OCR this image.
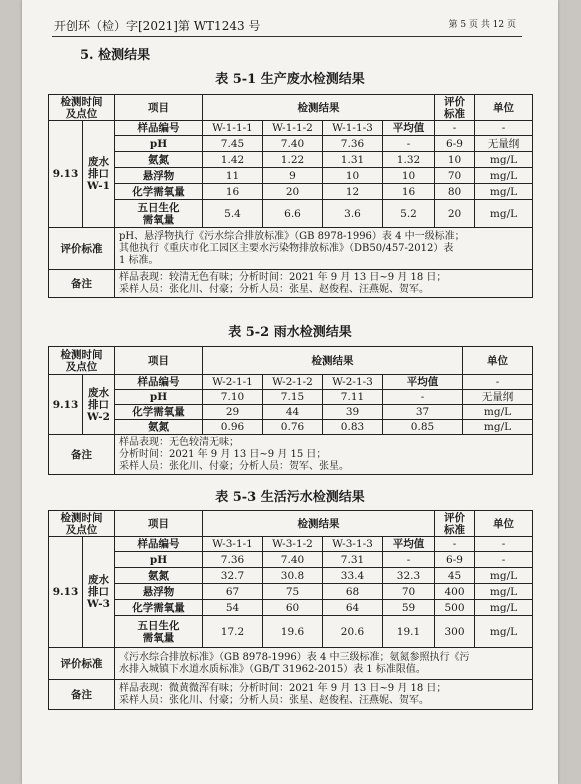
开创环（检）字[2021]第 WT1243 号	第 5 页 共 12 页
5. 检测结果
表 5-1 生产废水检测结果
检测时间
及点位		项目	检测结果				评价
标准	单位
9.13	废水
排口
W-1	样品编号	W-1-1-1	W-1-1-2	W-1-1-3	平均值	-	-
		pH	7.45	7.40	7.36	-	6-9	无量纲
		氨氮	1.42	1.22	1.31	1.32	10	mg/L
		悬浮物	11	9	10	10	70	mg/L
		化学需氧量	16	20	12	16	80	mg/L
		五日生化
需氧量	5.4	6.6	3.6	5.2	20	mg/L
评价标准		pH、悬浮物执行《污水综合排放标准》（GB 8978-1996）表 4 中一级标准；
其他执行《重庆市化工园区主要水污染物排放标准》（DB50/457-2012）表
1 标准。						
备注		样品表现：较清无色有味；分析时间：2021 年 9 月 13 日~9 月 18 日；
采样人员：张化川、付豪；分析人员：张星、赵俊程、汪燕妮、贺军。						
表 5-2 雨水检测结果
检测时间
及点位		项目	检测结果				单位
9.13	废水
排口
W-2	样品编号	W-2-1-1	W-2-1-2	W-2-1-3	平均值	-
		pH	7.10	7.15	7.11	-	无量纲
		化学需氧量	29	44	39	37	mg/L
		氨氮	0.96	0.76	0.83	0.85	mg/L
备注		样品表现：无色较清无味；
分析时间：2021 年 9 月 13 日~9 月 15 日；
采样人员：张化川、付豪；分析人员：贺军、张星。					
表 5-3 生活污水检测结果
检测时间
及点位		项目	检测结果				评价
标准	单位
9.13	废水
排口
W-3	样品编号	W-3-1-1	W-3-1-2	W-3-1-3	平均值	-	-
		pH	7.36	7.40	7.31	-	6-9	-
		氨氮	32.7	30.8	33.4	32.3	45	mg/L
		悬浮物	67	75	68	70	400	mg/L
		化学需氧量	54	60	64	59	500	mg/L
		五日生化
需氧量	17.2	19.6	20.6	19.1	300	mg/L
评价标准		《污水综合排放标准》（GB 8978-1996）表 4 中三级标准；氨氮参照执行《污
水排入城镇下水道水质标准》（GB/T 31962-2015）表 1 标准限值。						
备注		样品表现：微黄微浑有味；分析时间：2021 年 9 月 13 日~9 月 18 日；
采样人员：张化川、付豪；分析人员：张星、赵俊程、汪燕妮、贺军。						
